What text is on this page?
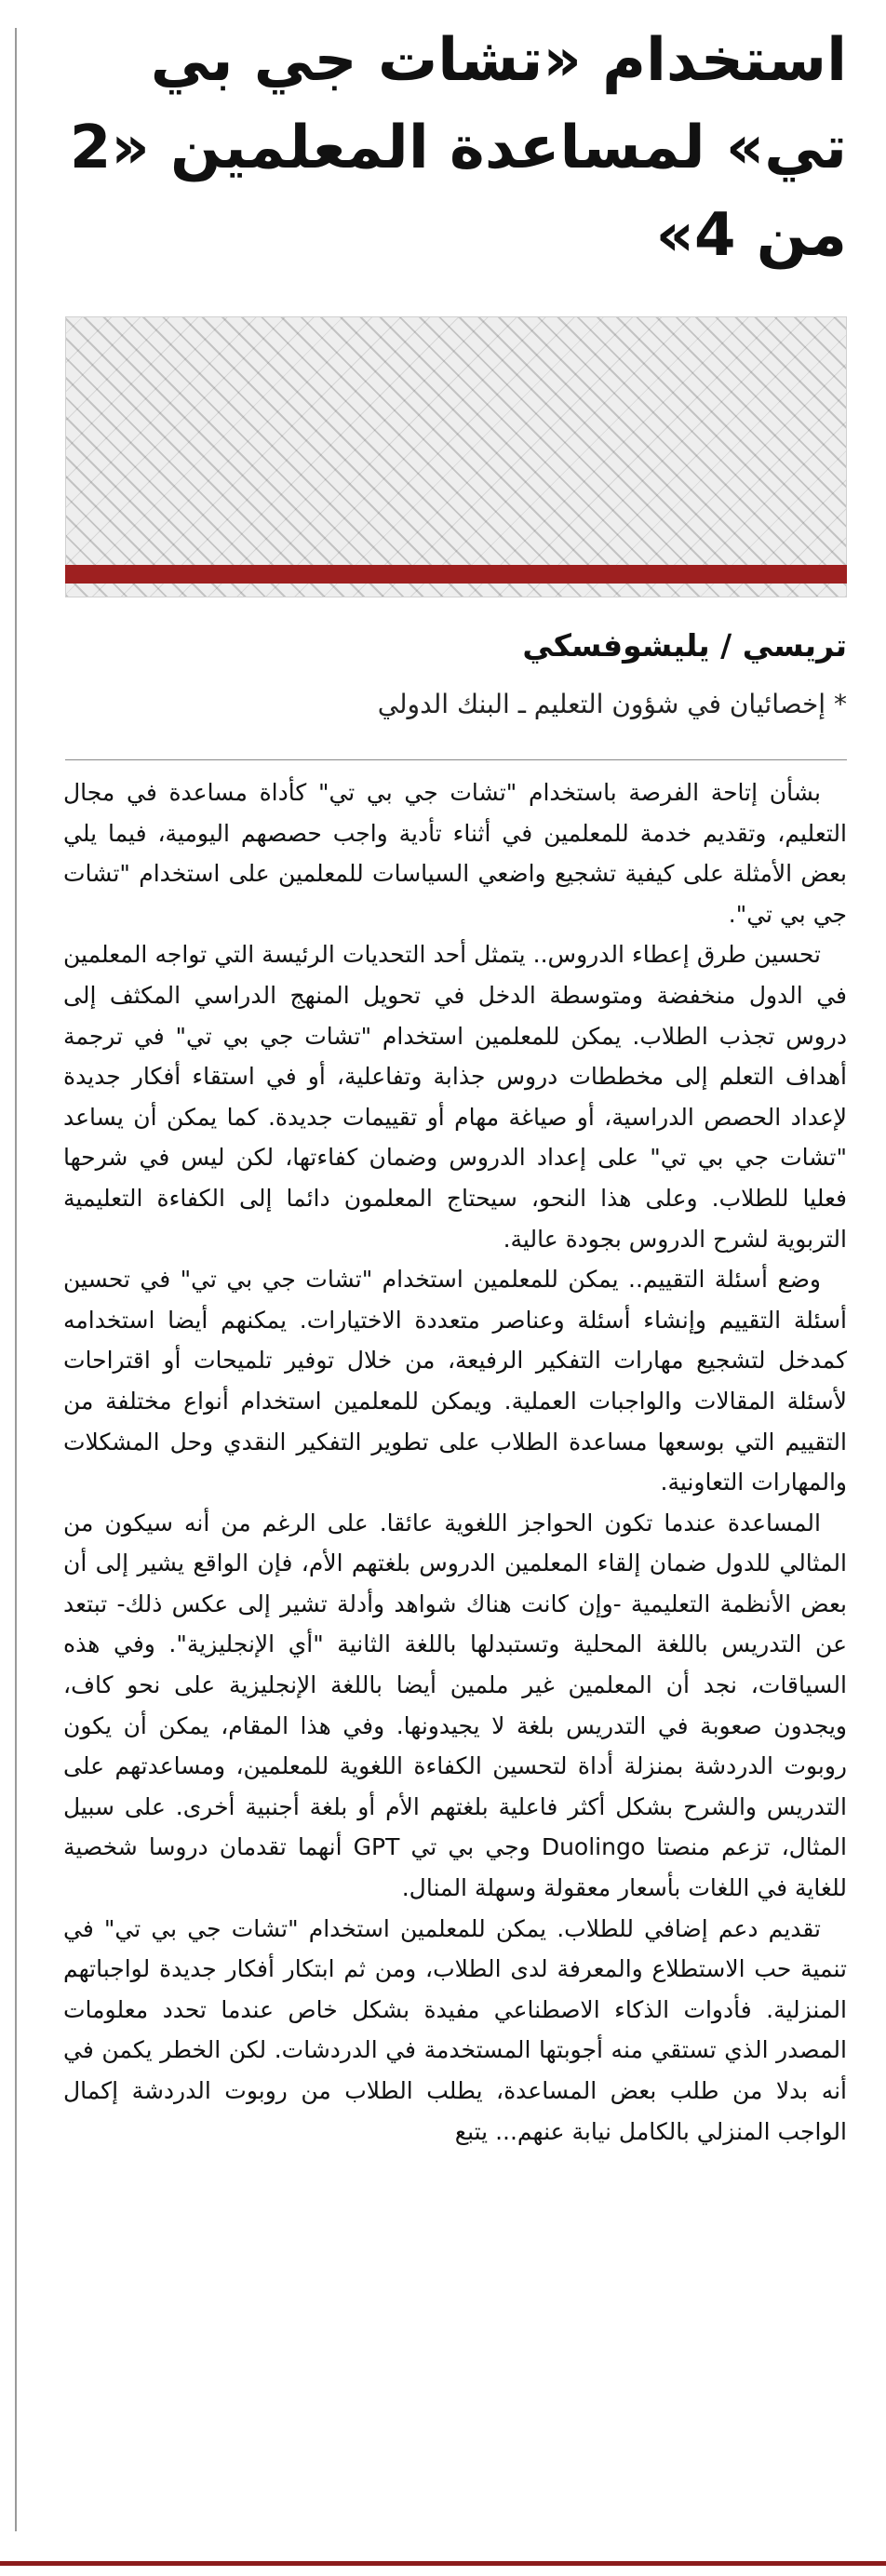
استخدام «تشات جي بي تي» لمساعدة المعلمين «2 من 4»
تريسي / يليشوفسكي
* إخصائيان في شؤون التعليم ـ البنك الدولي

بشأن إتاحة الفرصة باستخدام "تشات جي بي تي" كأداة مساعدة في مجال التعليم، وتقديم خدمة للمعلمين في أثناء تأدية واجب حصصهم اليومية، فيما يلي بعض الأمثلة على كيفية تشجيع واضعي السياسات للمعلمين على استخدام "تشات جي بي تي".

تحسين طرق إعطاء الدروس.. يتمثل أحد التحديات الرئيسة التي تواجه المعلمين في الدول منخفضة ومتوسطة الدخل في تحويل المنهج الدراسي المكثف إلى دروس تجذب الطلاب. يمكن للمعلمين استخدام "تشات جي بي تي" في ترجمة أهداف التعلم إلى مخططات دروس جذابة وتفاعلية، أو في استقاء أفكار جديدة لإعداد الحصص الدراسية، أو صياغة مهام أو تقييمات جديدة. كما يمكن أن يساعد "تشات جي بي تي" على إعداد الدروس وضمان كفاءتها، لكن ليس في شرحها فعليا للطلاب. وعلى هذا النحو، سيحتاج المعلمون دائما إلى الكفاءة التعليمية التربوية لشرح الدروس بجودة عالية.

وضع أسئلة التقييم.. يمكن للمعلمين استخدام "تشات جي بي تي" في تحسين أسئلة التقييم وإنشاء أسئلة وعناصر متعددة الاختيارات. يمكنهم أيضا استخدامه كمدخل لتشجيع مهارات التفكير الرفيعة، من خلال توفير تلميحات أو اقتراحات لأسئلة المقالات والواجبات العملية. ويمكن للمعلمين استخدام أنواع مختلفة من التقييم التي بوسعها مساعدة الطلاب على تطوير التفكير النقدي وحل المشكلات والمهارات التعاونية.

المساعدة عندما تكون الحواجز اللغوية عائقا. على الرغم من أنه سيكون من المثالي للدول ضمان إلقاء المعلمين الدروس بلغتهم الأم، فإن الواقع يشير إلى أن بعض الأنظمة التعليمية -وإن كانت هناك شواهد وأدلة تشير إلى عكس ذلك- تبتعد عن التدريس باللغة المحلية وتستبدلها باللغة الثانية "أي الإنجليزية". وفي هذه السياقات، نجد أن المعلمين غير ملمين أيضا باللغة الإنجليزية على نحو كاف، ويجدون صعوبة في التدريس بلغة لا يجيدونها. وفي هذا المقام، يمكن أن يكون روبوت الدردشة بمنزلة أداة لتحسين الكفاءة اللغوية للمعلمين، ومساعدتهم على التدريس والشرح بشكل أكثر فاعلية بلغتهم الأم أو بلغة أجنبية أخرى. على سبيل المثال، تزعم منصتا Duolingo وجي بي تي GPT أنهما تقدمان دروسا شخصية للغاية في اللغات بأسعار معقولة وسهلة المنال.

تقديم دعم إضافي للطلاب. يمكن للمعلمين استخدام "تشات جي بي تي" في تنمية حب الاستطلاع والمعرفة لدى الطلاب، ومن ثم ابتكار أفكار جديدة لواجباتهم المنزلية. فأدوات الذكاء الاصطناعي مفيدة بشكل خاص عندما تحدد معلومات المصدر الذي تستقي منه أجوبتها المستخدمة في الدردشات. لكن الخطر يكمن في أنه بدلا من طلب بعض المساعدة، يطلب الطلاب من روبوت الدردشة إكمال الواجب المنزلي بالكامل نيابة عنهم... يتبع
